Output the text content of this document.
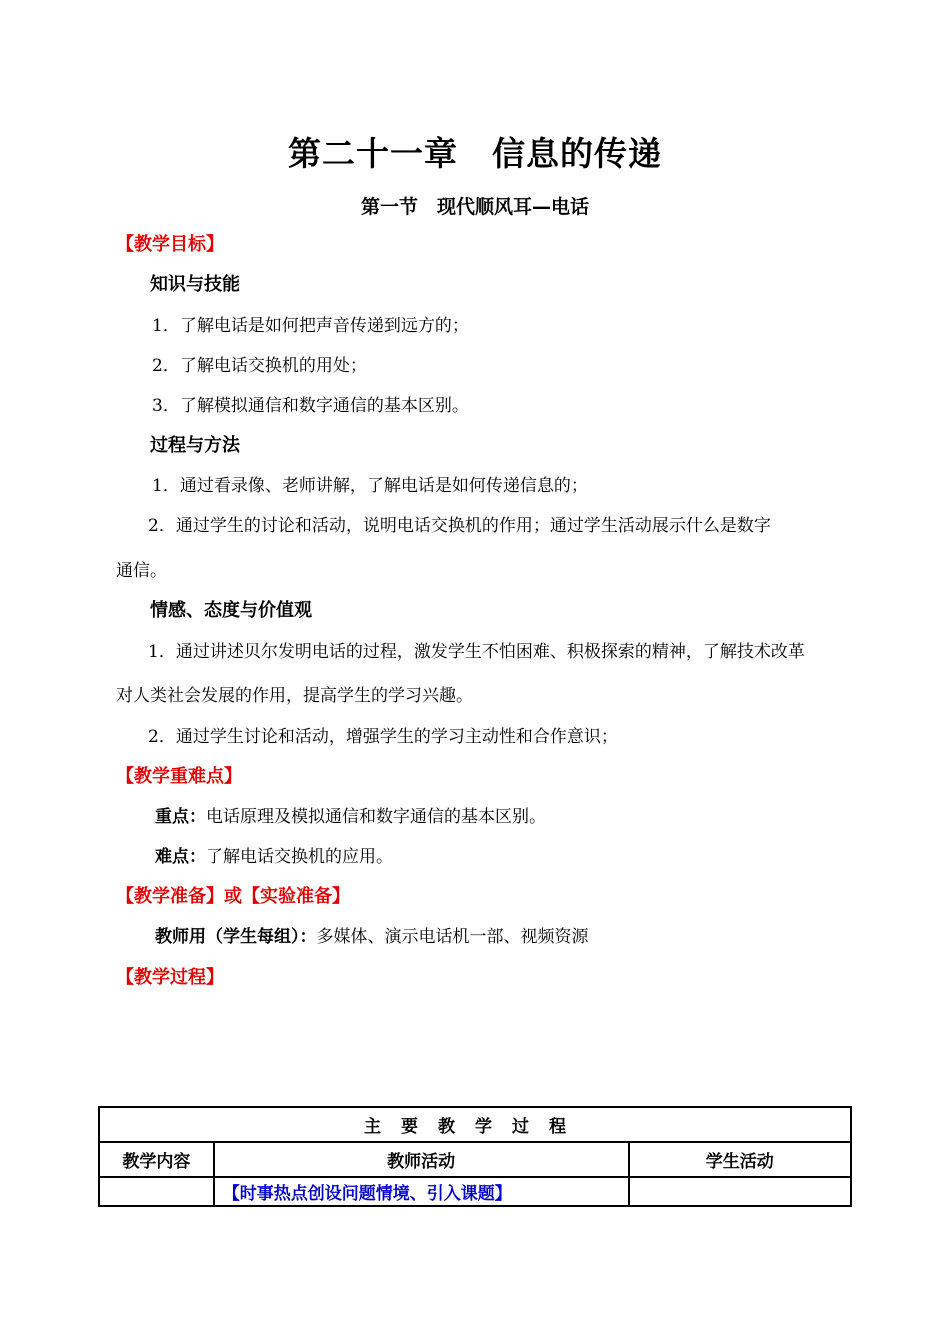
第二十一章　信息的传递
第一节　现代顺风耳—电话
【教学目标】
知识与技能
1．了解电话是如何把声音传递到远方的；
2．了解电话交换机的用处；
3．了解模拟通信和数字通信的基本区别。
过程与方法
1．通过看录像、老师讲解，了解电话是如何传递信息的；
2．通过学生的讨论和活动，说明电话交换机的作用；通过学生活动展示什么是数字
通信。
情感、态度与价值观
1．通过讲述贝尔发明电话的过程，激发学生不怕困难、积极探索的精神，了解技术改革
对人类社会发展的作用，提高学生的学习兴趣。
2．通过学生讨论和活动，增强学生的学习主动性和合作意识；
【教学重难点】
重点：电话原理及模拟通信和数字通信的基本区别。
难点：了解电话交换机的应用。
【教学准备】或【实验准备】
教师用（学生每组）：多媒体、演示电话机一部、视频资源
【教学过程】
主要教学过程		
教学内容	教师活动	学生活动
	【时事热点创设问题情境、引入课题】	
